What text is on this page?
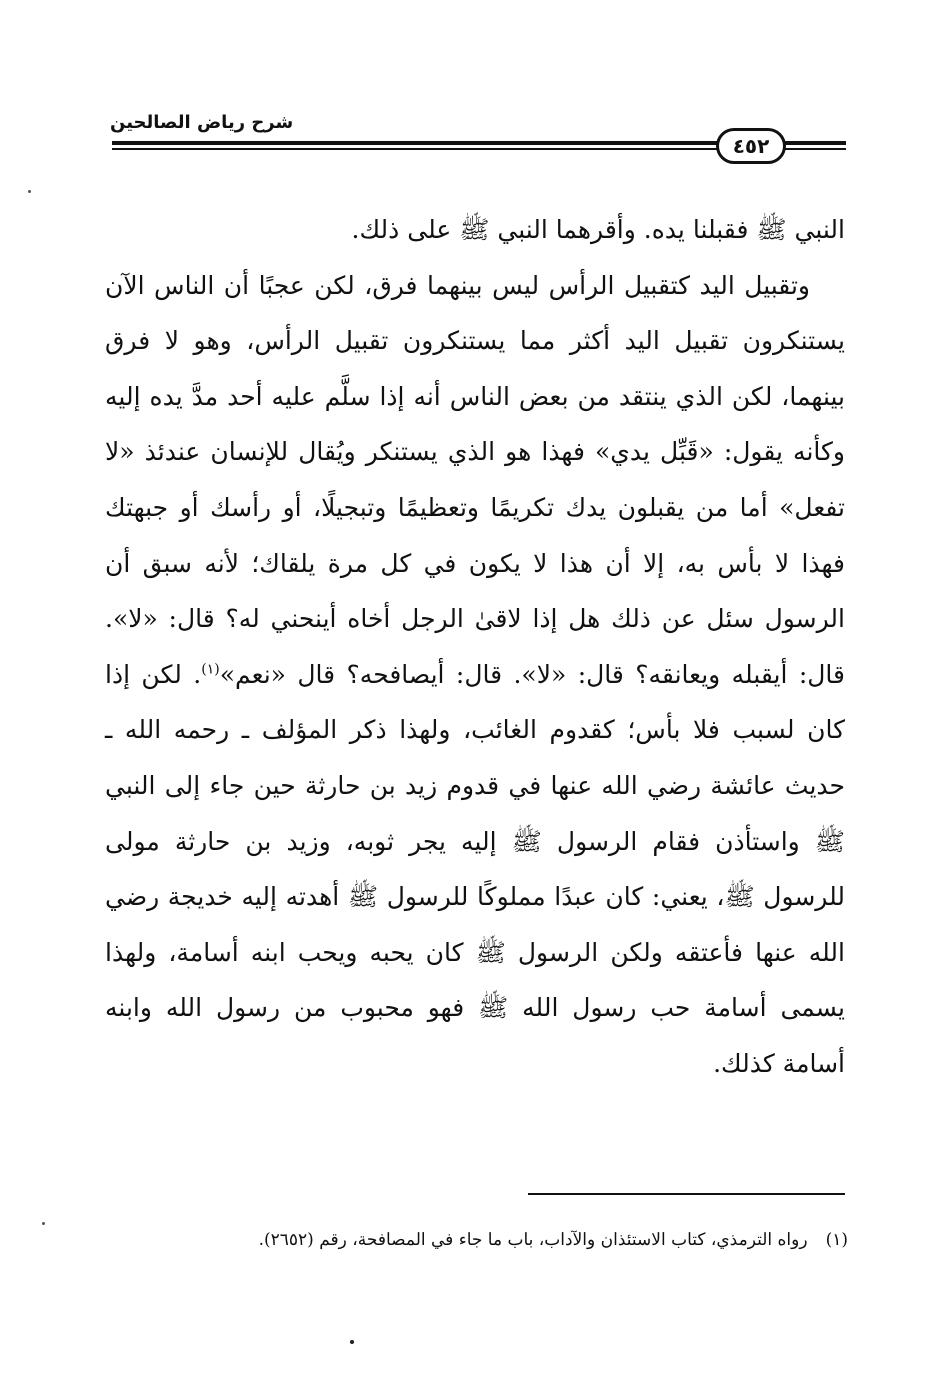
شرح رياض الصالحين
٤٥٢

النبي ﷺ فقبلنا يده. وأقرهما النبي ﷺ على ذلك.

وتقبيل اليد كتقبيل الرأس ليس بينهما فرق، لكن عجبًا أن الناس الآن يستنكرون تقبيل اليد أكثر مما يستنكرون تقبيل الرأس، وهو لا فرق بينهما، لكن الذي ينتقد من بعض الناس أنه إذا سلَّم عليه أحد مدَّ يده إليه وكأنه يقول: «قَبِّل يدي» فهذا هو الذي يستنكر ويُقال للإنسان عندئذ «لا تفعل» أما من يقبلون يدك تكريمًا وتعظيمًا وتبجيلًا، أو رأسك أو جبهتك فهذا لا بأس به، إلا أن هذا لا يكون في كل مرة يلقاك؛ لأنه سبق أن الرسول سئل عن ذلك هل إذا لاقىٰ الرجل أخاه أينحني له؟ قال: «لا». قال: أيقبله ويعانقه؟ قال: «لا». قال: أيصافحه؟ قال «نعم»$^{(١)}$. لكن إذا كان لسبب فلا بأس؛ كقدوم الغائب، ولهذا ذكر المؤلف ـ رحمه الله ـ حديث عائشة رضي الله عنها في قدوم زيد بن حارثة حين جاء إلى النبي ﷺ واستأذن فقام الرسول ﷺ إليه يجر ثوبه، وزيد بن حارثة مولى للرسول ﷺ، يعني: كان عبدًا مملوكًا للرسول ﷺ أهدته إليه خديجة رضي الله عنها فأعتقه ولكن الرسول ﷺ كان يحبه ويحب ابنه أسامة، ولهذا يسمى أسامة حب رسول الله ﷺ فهو محبوب من رسول الله وابنه أسامة كذلك.

(١)رواه الترمذي، كتاب الاستئذان والآداب، باب ما جاء في المصافحة، رقم (٢٦٥٢).
